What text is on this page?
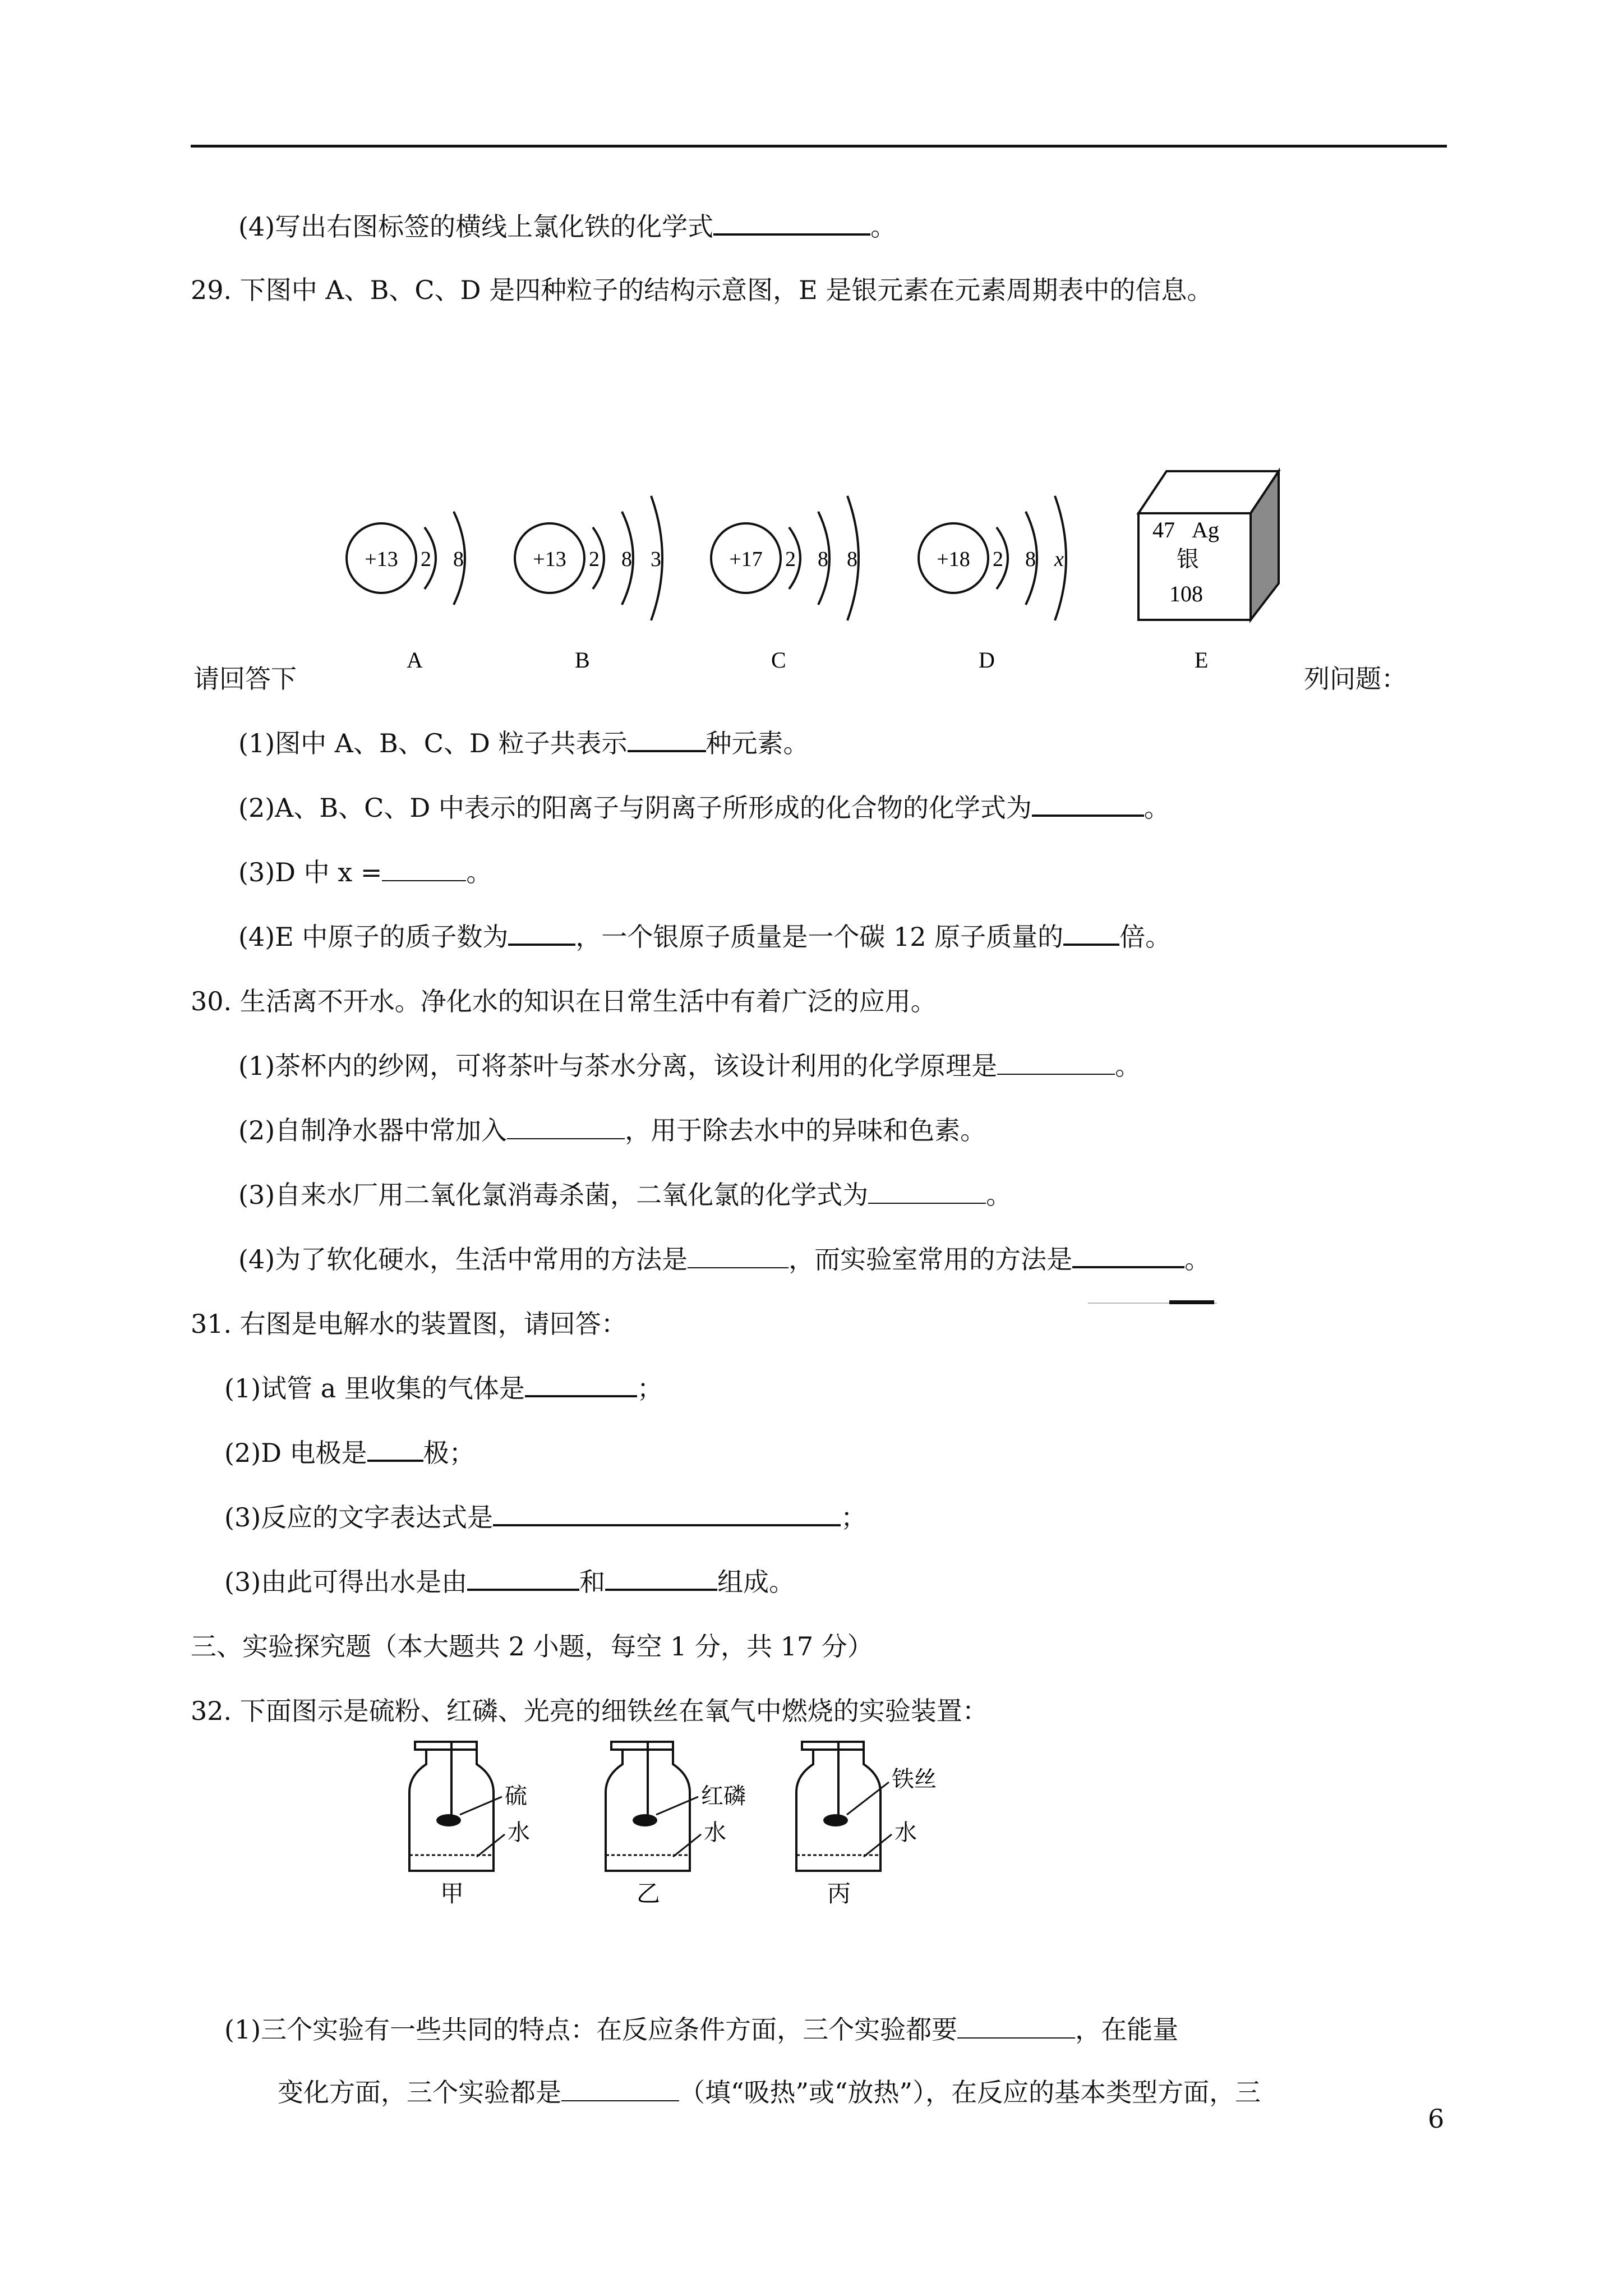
(4)写出右图标签的横线上氯化铁的化学式	。
29. 下图中 A、B、C、D 是四种粒子的结构示意图，E 是银元素在元素周期表中的信息。
+13 2 8
A
+13 2 8 3
B
+17 2 8 8
C
+18 2 8 x
D
47 Ag
银
108
E
请回答下	列问题：
(1)图中 A、B、C、D 粒子共表示	种元素。
(2)A、B、C、D 中表示的阳离子与阴离子所形成的化合物的化学式为	。
(3)D 中 x =	。
(4)E 中原子的质子数为	，一个银原子质量是一个碳 12 原子质量的 倍。
30. 生活离不开水。净化水的知识在日常生活中有着广泛的应用。
(1)茶杯内的纱网，可将茶叶与茶水分离，该设计利用的化学原理是	。
(2)自制净水器中常加入	，用于除去水中的异味和色素。
(3)自来水厂用二氧化氯消毒杀菌，二氧化氯的化学式为	。
(4)为了软化硬水，生活中常用的方法是	，而实验室常用的方法是	。
31. 右图是电解水的装置图，请回答：
(1)试管 a 里收集的气体是	；
(2)D 电极是 极；
(3)反应的文字表达式是	；
(3)由此可得出水是由	和	组成。
三、实验探究题（本大题共 2 小题，每空 1 分，共 17 分）
32. 下面图示是硫粉、红磷、光亮的细铁丝在氧气中燃烧的实验装置：
硫
水
甲
红磷
水
乙
铁丝
水
丙
(1)三个实验有一些共同的特点：在反应条件方面，三个实验都要	，在能量
变化方面，三个实验都是	（填“吸热”或“放热”），在反应的基本类型方面，三
6
